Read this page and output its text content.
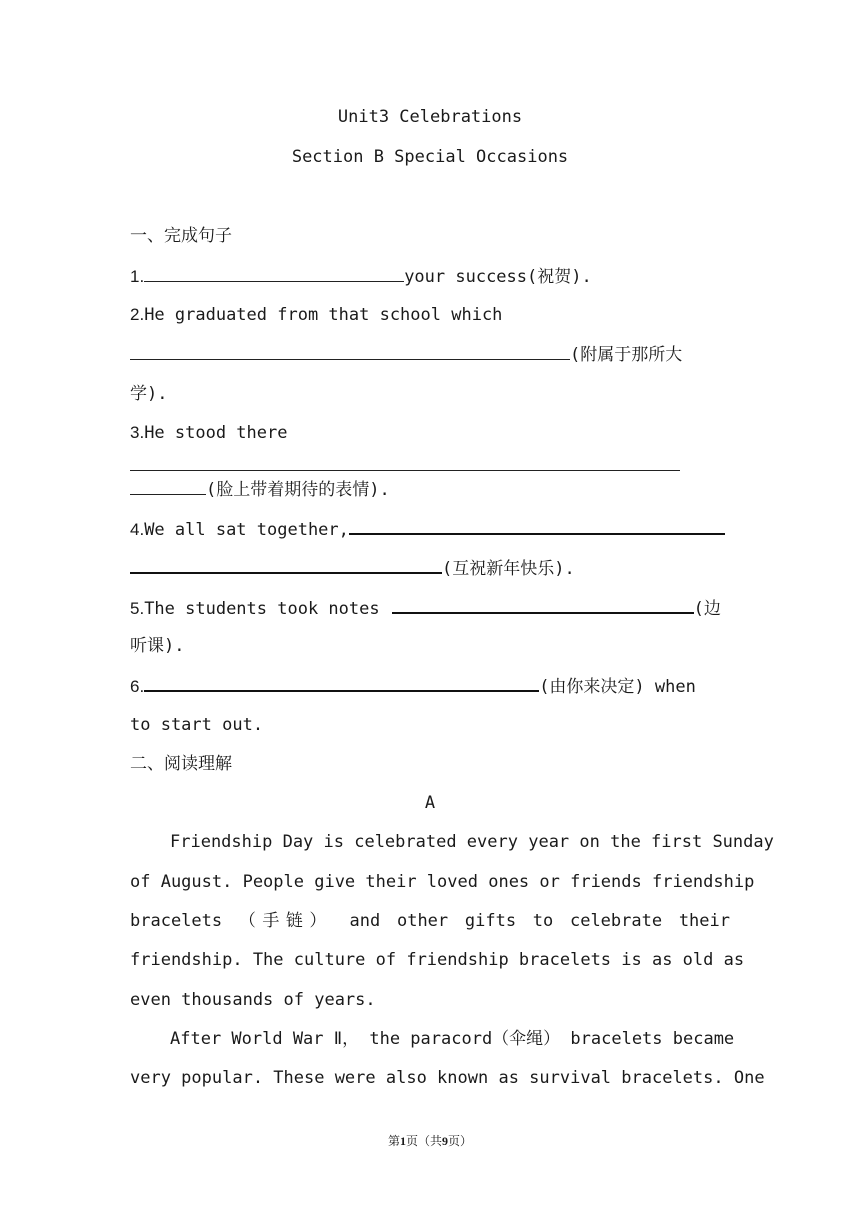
Unit3 Celebrations
Section B Special Occasions
一、完成句子
1.	your success(祝贺).
2.He graduated from that school which
(附属于那所大
学).
3.He stood there
(脸上带着期待的表情).
4.We all sat together,
(互祝新年快乐).
5.The students took notes	(边
听课).
6.	(由你来决定) when
to start out.
二、阅读理解
A
Friendship Day is celebrated every year on the first Sunday
of August. People give their loved ones or friends friendship
bracelets （手链） and other gifts to celebrate their
friendship. The culture of friendship bracelets is as old as
even thousands of years.
After World War Ⅱ， the paracord（伞绳） bracelets became
very popular. These were also known as survival bracelets. One
第1页（共9页）
